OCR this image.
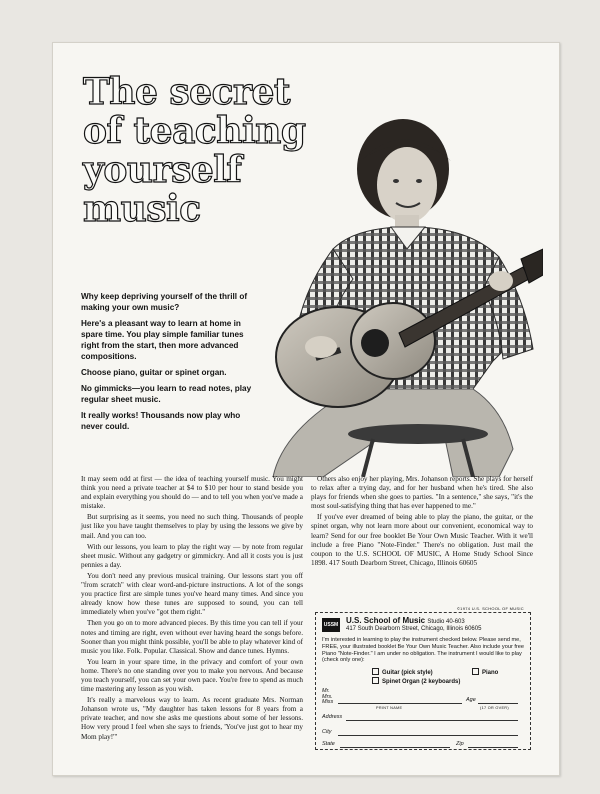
The secret of teaching yourself music

Why keep depriving yourself of the thrill of making your own music?

Here's a pleasant way to learn at home in spare time. You play simple familiar tunes right from the start, then more advanced compositions.

Choose piano, guitar or spinet organ.

No gimmicks—you learn to read notes, play regular sheet music.

It really works! Thousands now play who never could.

It may seem odd at first — the idea of teaching yourself music. You might think you need a private teacher at $4 to $10 per hour to stand beside you and explain everything you should do — and to tell you when you've made a mistake.

But surprising as it seems, you need no such thing. Thousands of people just like you have taught themselves to play by using the lessons we give by mail. And you can too.

With our lessons, you learn to play the right way — by note from regular sheet music. Without any gadgetry or gimmickry. And all it costs you is just pennies a day.

You don't need any previous musical training. Our lessons start you off "from scratch" with clear word-and-picture instructions. A lot of the songs you practice first are simple tunes you've heard many times. And since you already know how these tunes are supposed to sound, you can tell immediately when you've "got them right."

Then you go on to more advanced pieces. By this time you can tell if your notes and timing are right, even without ever having heard the songs before. Sooner than you might think possible, you'll be able to play whatever kind of music you like. Folk. Popular. Classical. Show and dance tunes. Hymns.

You learn in your spare time, in the privacy and comfort of your own home. There's no one standing over you to make you nervous. And because you teach yourself, you can set your own pace. You're free to spend as much time mastering any lesson as you wish.

It's really a marvelous way to learn. As recent graduate Mrs. Norman Johanson wrote us, "My daughter has taken lessons for 8 years from a private teacher, and now she asks me questions about some of her lessons. How very proud I feel when she says to friends, 'You've just got to hear my Mom play!'"

Others also enjoy her playing, Mrs. Johanson reports. She plays for herself to relax after a trying day, and for her husband when he's tired. She also plays for friends when she goes to parties. "In a sentence," she says, "it's the most soul-satisfying thing that has ever happened to me."

If you've ever dreamed of being able to play the piano, the guitar, or the spinet organ, why not learn more about our convenient, economical way to learn? Send for our free booklet Be Your Own Music Teacher. With it we'll include a free Piano "Note-Finder." There's no obligation. Just mail the coupon to the U.S. SCHOOL OF MUSIC, A Home Study School Since 1898. 417 South Dearborn Street, Chicago, Illinois 60605

©1974 U.S. SCHOOL OF MUSIC
USSM U.S. School of Music Studio 40-603
417 South Dearborn Street, Chicago, Illinois 60605
I'm interested in learning to play the instrument checked below. Please send me, FREE, your illustrated booklet Be Your Own Music Teacher. Also include your free Piano "Note-Finder." I am under no obligation. The instrument I would like to play (check only one):
Guitar (pick style)	Piano
Spinet Organ (2 keyboards)
Mr.
Mrs.
Miss
PRINT NAME
Age
(17 OR OVER)
Address
City
State	Zip
